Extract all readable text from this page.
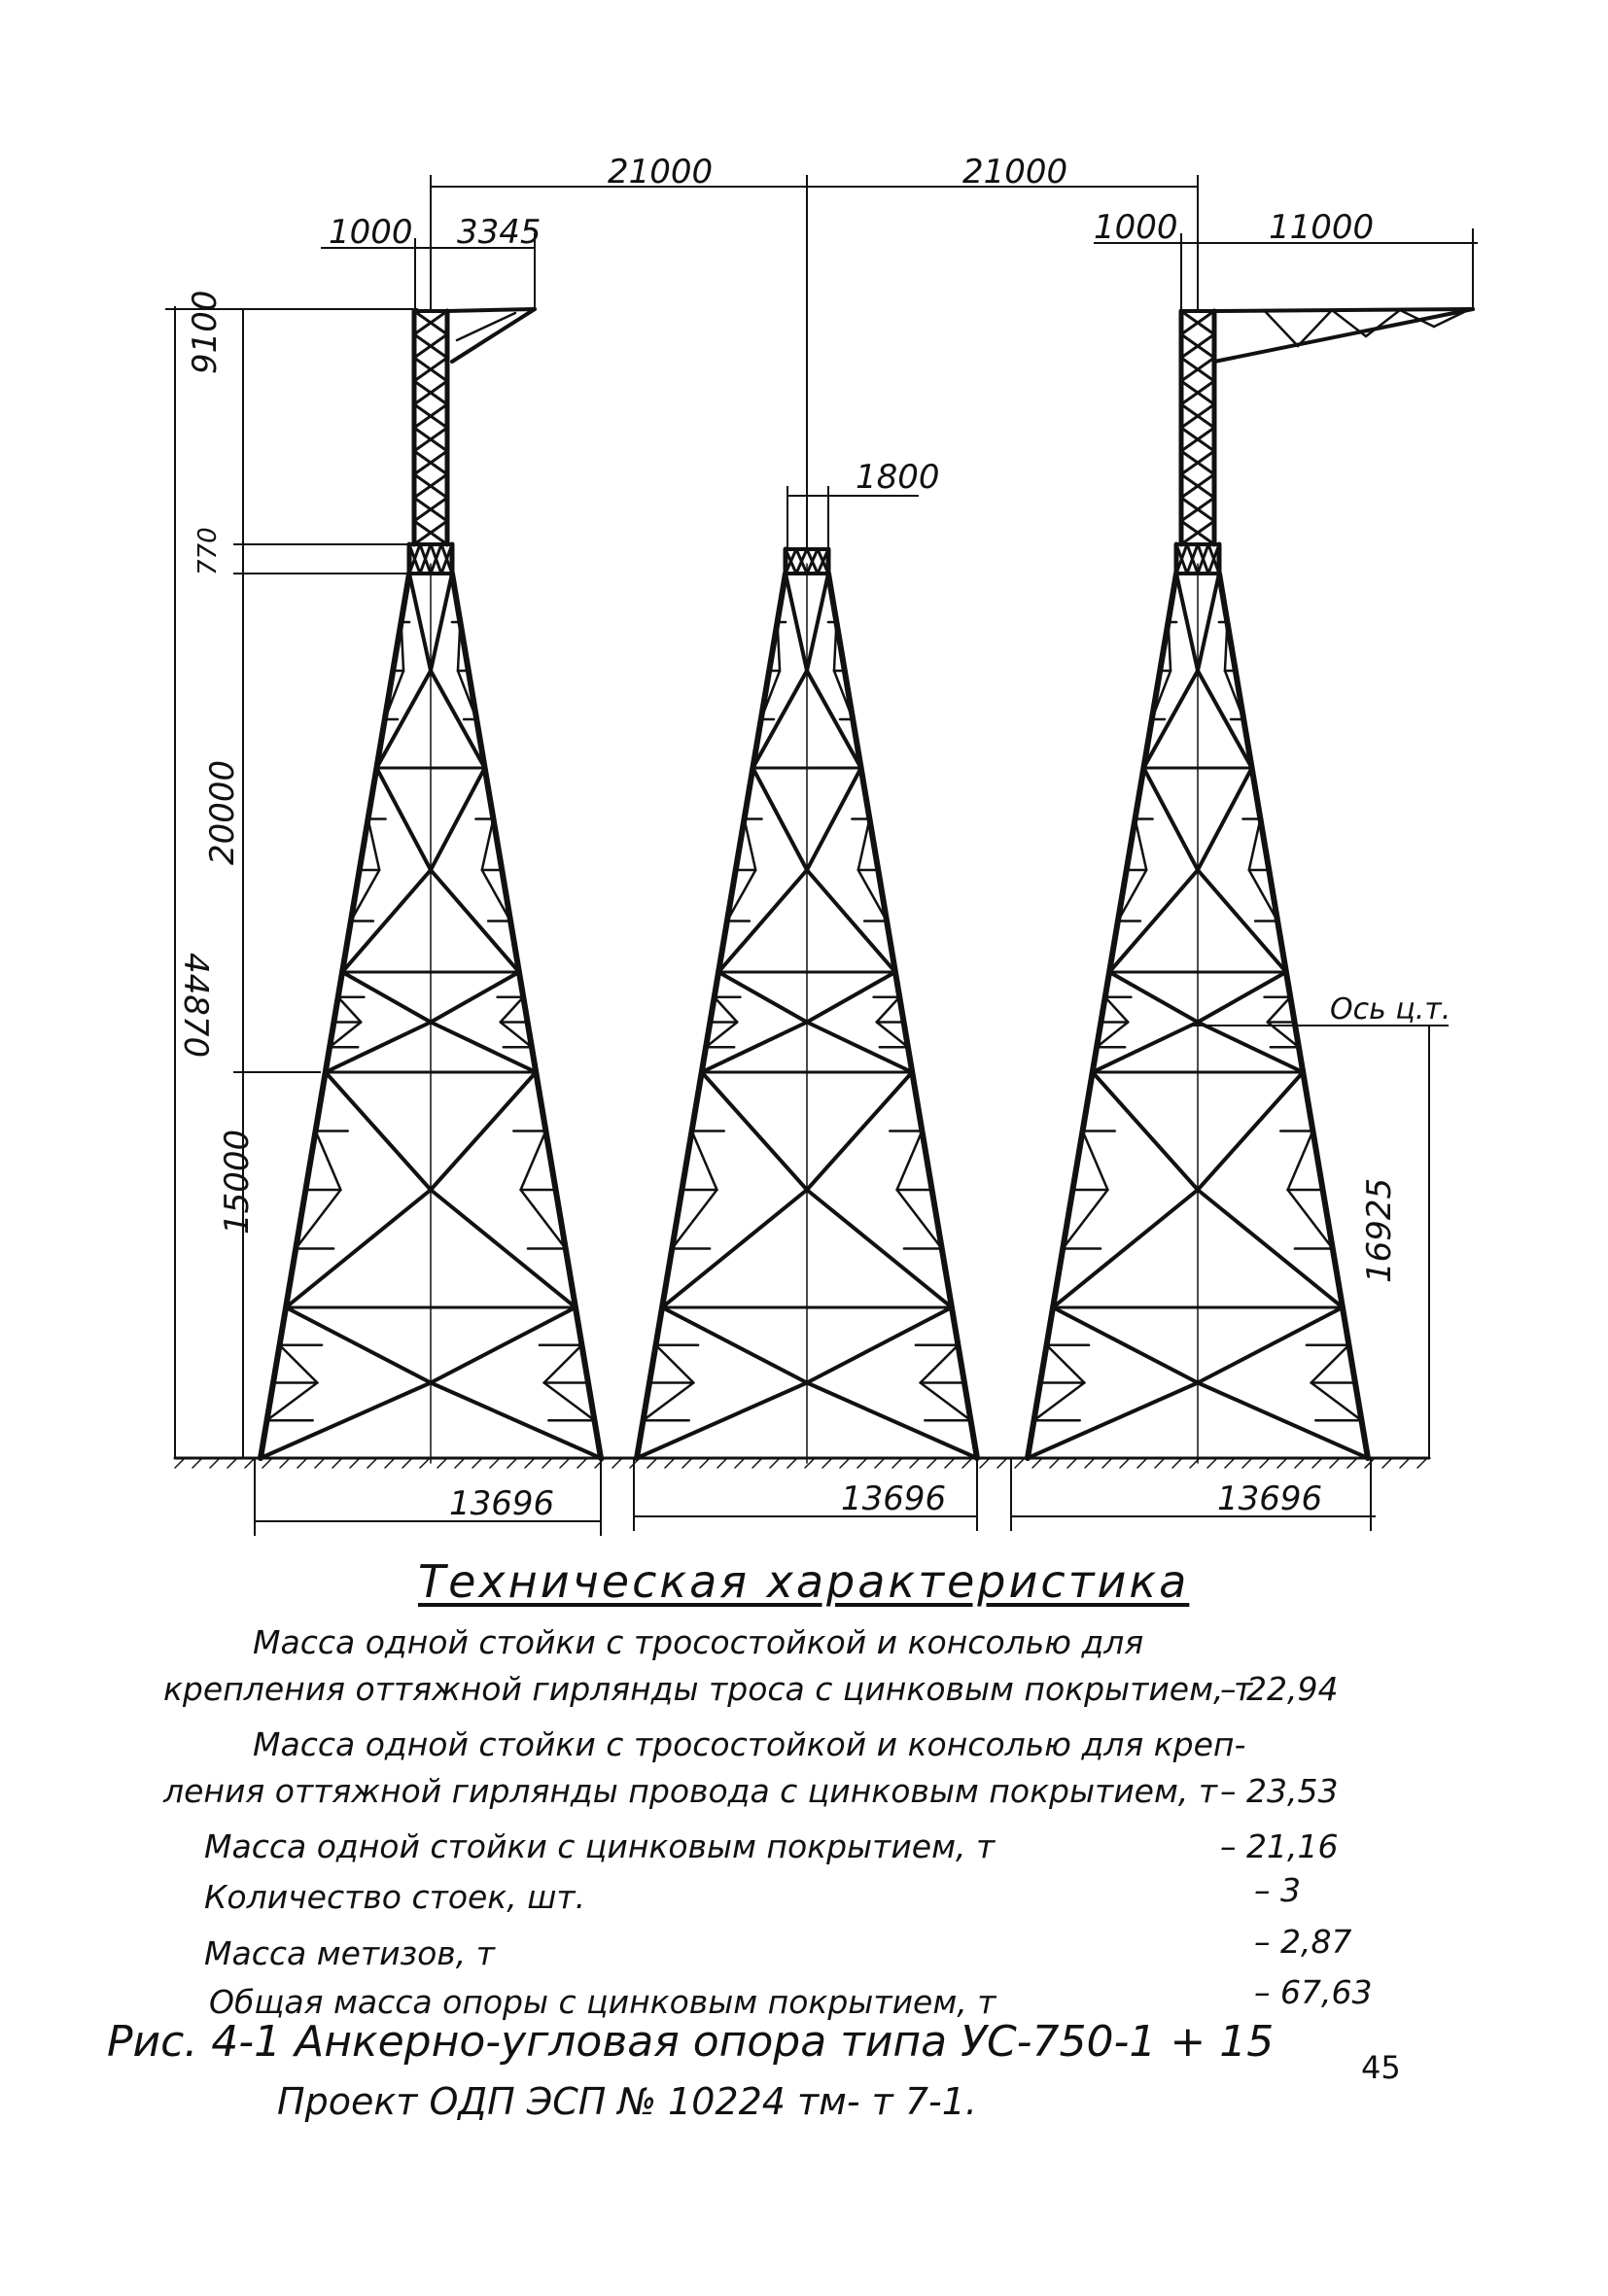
21000	21000
1000 3345	1000	11000
1800
44870
9100
770
20000
15000
13696	13696	13696
16925
Ось ц.т.
Техническая характеристика
Масса одной стойки с тросостойкой и консолью для
крепления оттяжной гирлянды троса с цинковым покрытием, т
– 22,94
Масса одной стойки с тросостойкой и консолью для креп-
ления оттяжной гирлянды провода с цинковым покрытием, т – 23,53
Масса одной стойки с цинковым покрытием, т	– 21,16
Количество стоек, шт.	– 3
Масса метизов, т	– 2,87
Общая масса опоры с цинковым покрытием, т	– 67,63
Рис. 4-1 Анкерно-угловая опора типа УС-750-1 + 15
Проект ОДП ЭСП № 10224 тм- т 7-1.
45
